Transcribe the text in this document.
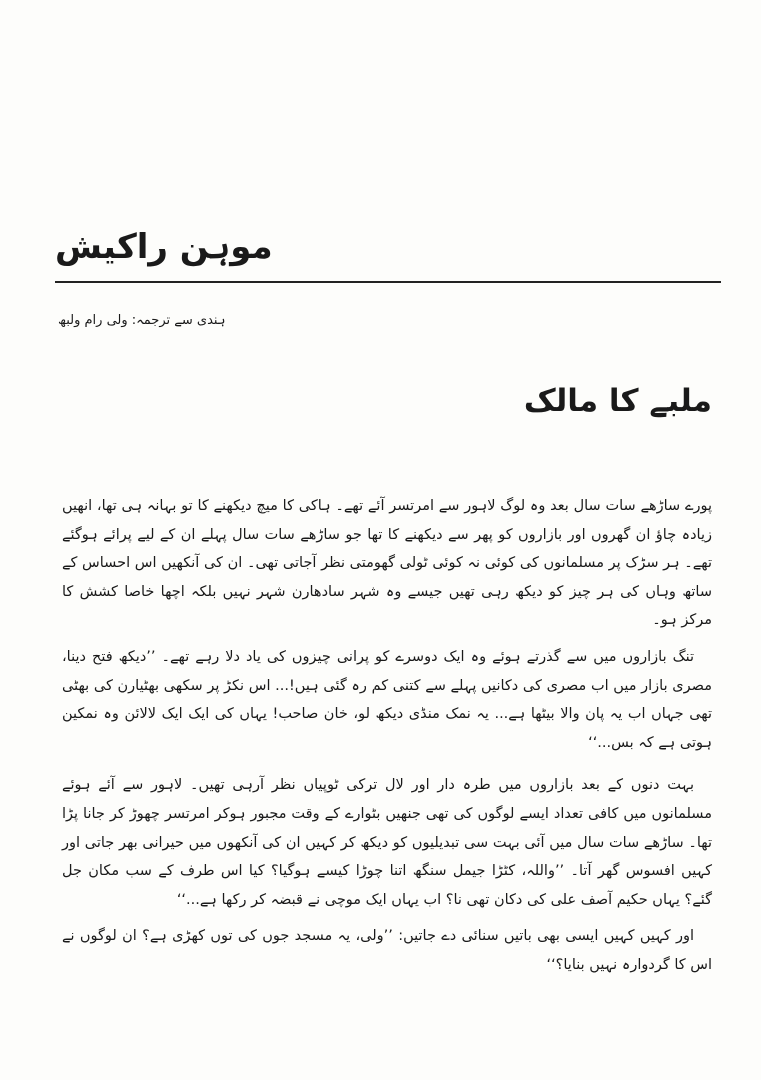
موہن راکیش
ہندی سے ترجمہ: ولی رام ولبھ
ملبے کا مالک

پورے ساڑھے سات سال بعد وہ لوگ لاہور سے امرتسر آئے تھے۔ ہاکی کا میچ دیکھنے کا تو بہانہ ہی تھا، انھیں زیادہ چاؤ ان گھروں اور بازاروں کو پھر سے دیکھنے کا تھا جو ساڑھے سات سال پہلے ان کے لیے پرائے ہوگئے تھے۔ ہر سڑک پر مسلمانوں کی کوئی نہ کوئی ٹولی گھومتی نظر آجاتی تھی۔ ان کی آنکھیں اس احساس کے ساتھ وہاں کی ہر چیز کو دیکھ رہی تھیں جیسے وہ شہر سادھارن شہر نہیں بلکہ اچھا خاصا کشش کا مرکز ہو۔

تنگ بازاروں میں سے گذرتے ہوئے وہ ایک دوسرے کو پرانی چیزوں کی یاد دلا رہے تھے۔ ’’دیکھ فتح دینا، مصری بازار میں اب مصری کی دکانیں پہلے سے کتنی کم رہ گئی ہیں!... اس نکڑ پر سکھی بھٹیارن کی بھٹی تھی جہاں اب یہ پان والا بیٹھا ہے... یہ نمک منڈی دیکھ لو، خان صاحب! یہاں کی ایک ایک لالائن وہ نمکین ہوتی ہے کہ بس...‘‘

بہت دنوں کے بعد بازاروں میں طرہ دار اور لال ترکی ٹوپیاں نظر آرہی تھیں۔ لاہور سے آئے ہوئے مسلمانوں میں کافی تعداد ایسے لوگوں کی تھی جنھیں بٹوارے کے وقت مجبور ہوکر امرتسر چھوڑ کر جانا پڑا تھا۔ ساڑھے سات سال میں آئی بہت سی تبدیلیوں کو دیکھ کر کہیں ان کی آنکھوں میں حیرانی بھر جاتی اور کہیں افسوس گھر آتا۔ ’’واللہ، کٹڑا جیمل سنگھ اتنا چوڑا کیسے ہوگیا؟ کیا اس طرف کے سب مکان جل گئے؟ یہاں حکیم آصف علی کی دکان تھی نا؟ اب یہاں ایک موچی نے قبضہ کر رکھا ہے...‘‘

اور کہیں کہیں ایسی بھی باتیں سنائی دے جاتیں: ’’ولی، یہ مسجد جوں کی توں کھڑی ہے؟ ان لوگوں نے اس کا گردوارہ نہیں بنایا؟‘‘
